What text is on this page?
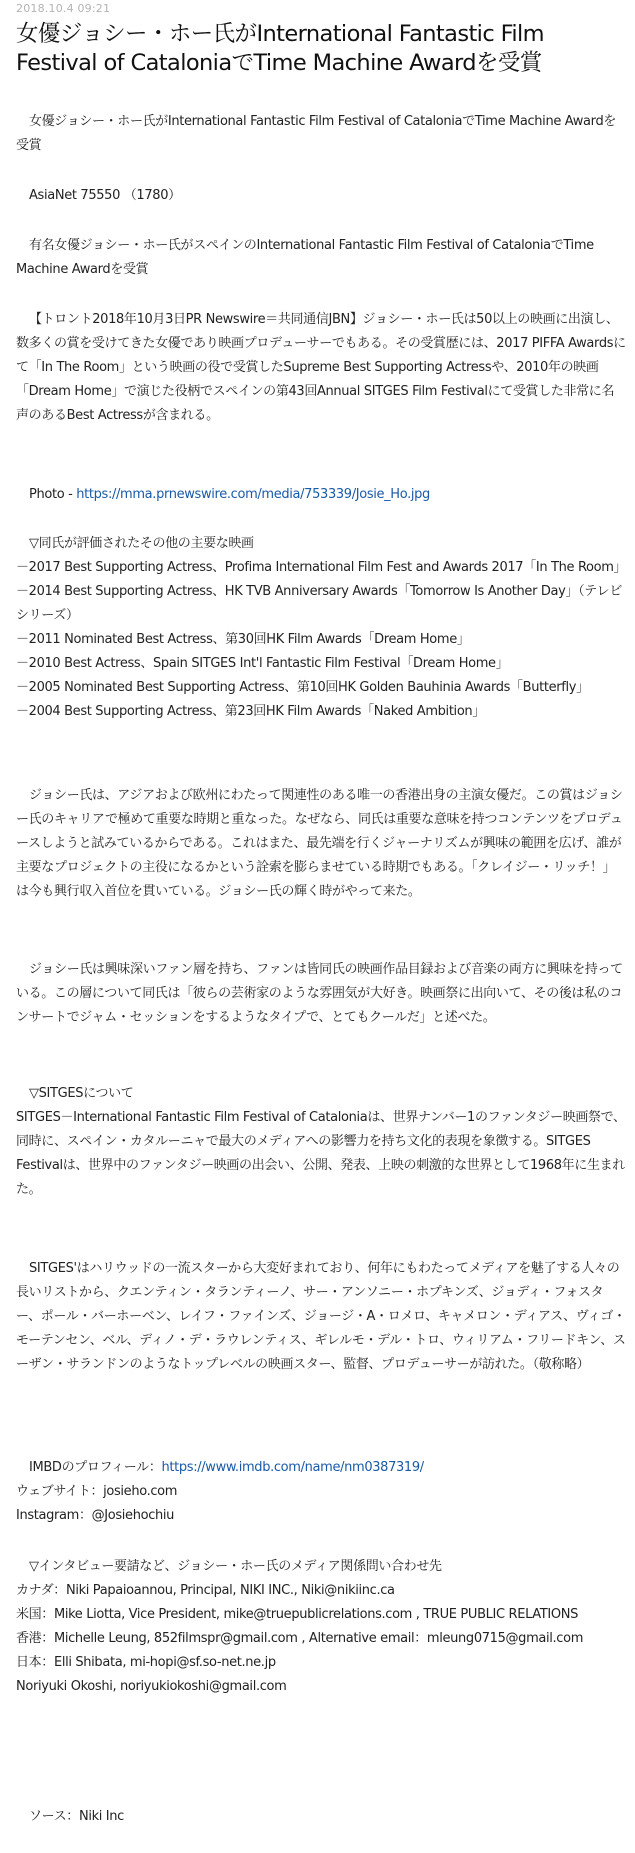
2018.10.4 09:21
女優ジョシー・ホー氏がInternational Fantastic Film Festival of CataloniaでTime Machine Awardを受賞
女優ジョシー・ホー氏がInternational Fantastic Film Festival of CataloniaでTime Machine Awardを受賞
AsiaNet 75550 （1780）
有名女優ジョシー・ホー氏がスペインのInternational Fantastic Film Festival of CataloniaでTime Machine Awardを受賞
【トロント2018年10月3日PR Newswire＝共同通信JBN】ジョシー・ホー氏は50以上の映画に出演し、数多くの賞を受けてきた女優であり映画プロデューサーでもある。その受賞歴には、2017 PIFFA Awardsにて「In The Room」という映画の役で受賞したSupreme Best Supporting Actressや、2010年の映画「Dream Home」で演じた役柄でスペインの第43回Annual SITGES Film Festivalにて受賞した非常に名声のあるBest Actressが含まれる。
Photo - https://mma.prnewswire.com/media/753339/Josie_Ho.jpg

▽同氏が評価されたその他の主要な映画

－2017 Best Supporting Actress、Profima International Film Fest and Awards 2017「In The Room」

－2014 Best Supporting Actress、HK TVB Anniversary Awards「Tomorrow Is Another Day」（テレビシリーズ）

－2011 Nominated Best Actress、第30回HK Film Awards「Dream Home」

－2010 Best Actress、Spain SITGES Int'l Fantastic Film Festival「Dream Home」

－2005 Nominated Best Supporting Actress、第10回HK Golden Bauhinia Awards「Butterfly」

－2004 Best Supporting Actress、第23回HK Film Awards「Naked Ambition」

ジョシー氏は、アジアおよび欧州にわたって関連性のある唯一の香港出身の主演女優だ。この賞はジョシー氏のキャリアで極めて重要な時期と重なった。なぜなら、同氏は重要な意味を持つコンテンツをプロデュースしようと試みているからである。これはまた、最先端を行くジャーナリズムが興味の範囲を広げ、誰が主要なプロジェクトの主役になるかという詮索を膨らませている時期でもある。「クレイジー・リッチ！」は今も興行収入首位を貫いている。ジョシー氏の輝く時がやって来た。
ジョシー氏は興味深いファン層を持ち、ファンは皆同氏の映画作品目録および音楽の両方に興味を持っている。この層について同氏は「彼らの芸術家のような雰囲気が大好き。映画祭に出向いて、その後は私のコンサートでジャム・セッションをするようなタイプで、とてもクールだ」と述べた。

▽SITGESについて

SITGES－International Fantastic Film Festival of Cataloniaは、世界ナンバー1のファンタジー映画祭で、同時に、スペイン・カタルーニャで最大のメディアへの影響力を持ち文化的表現を象徴する。SITGES Festivalは、世界中のファンタジー映画の出会い、公開、発表、上映の刺激的な世界として1968年に生まれた。

SITGES'はハリウッドの一流スターから大変好まれており、何年にもわたってメディアを魅了する人々の長いリストから、クエンティン・タランティーノ、サー・アンソニー・ホプキンズ、ジョディ・フォスター、ポール・バーホーベン、レイフ・ファインズ、ジョージ・A・ロメロ、キャメロン・ディアス、ヴィゴ・モーテンセン、ベル、ディノ・デ・ラウレンティス、ギレルモ・デル・トロ、ウィリアム・フリードキン、スーザン・サランドンのようなトップレベルの映画スター、監督、プロデューサーが訪れた。（敬称略）

IMBDのプロフィール：https://www.imdb.com/name/nm0387319/

ウェブサイト：josieho.com

Instagram：@Josiehochiu

▽インタビュー要請など、ジョシー・ホー氏のメディア関係問い合わせ先

カナダ：Niki Papaioannou, Principal, NIKI INC., Niki@nikiinc.ca

米国：Mike Liotta, Vice President, mike@truepublicrelations.com , TRUE PUBLIC RELATIONS

香港：Michelle Leung, 852filmspr@gmail.com , Alternative email：mleung0715@gmail.com

日本：Elli Shibata, mi-hopi@sf.so-net.ne.jp

Noriyuki Okoshi, noriyukiokoshi@gmail.com

ソース：Niki Inc
